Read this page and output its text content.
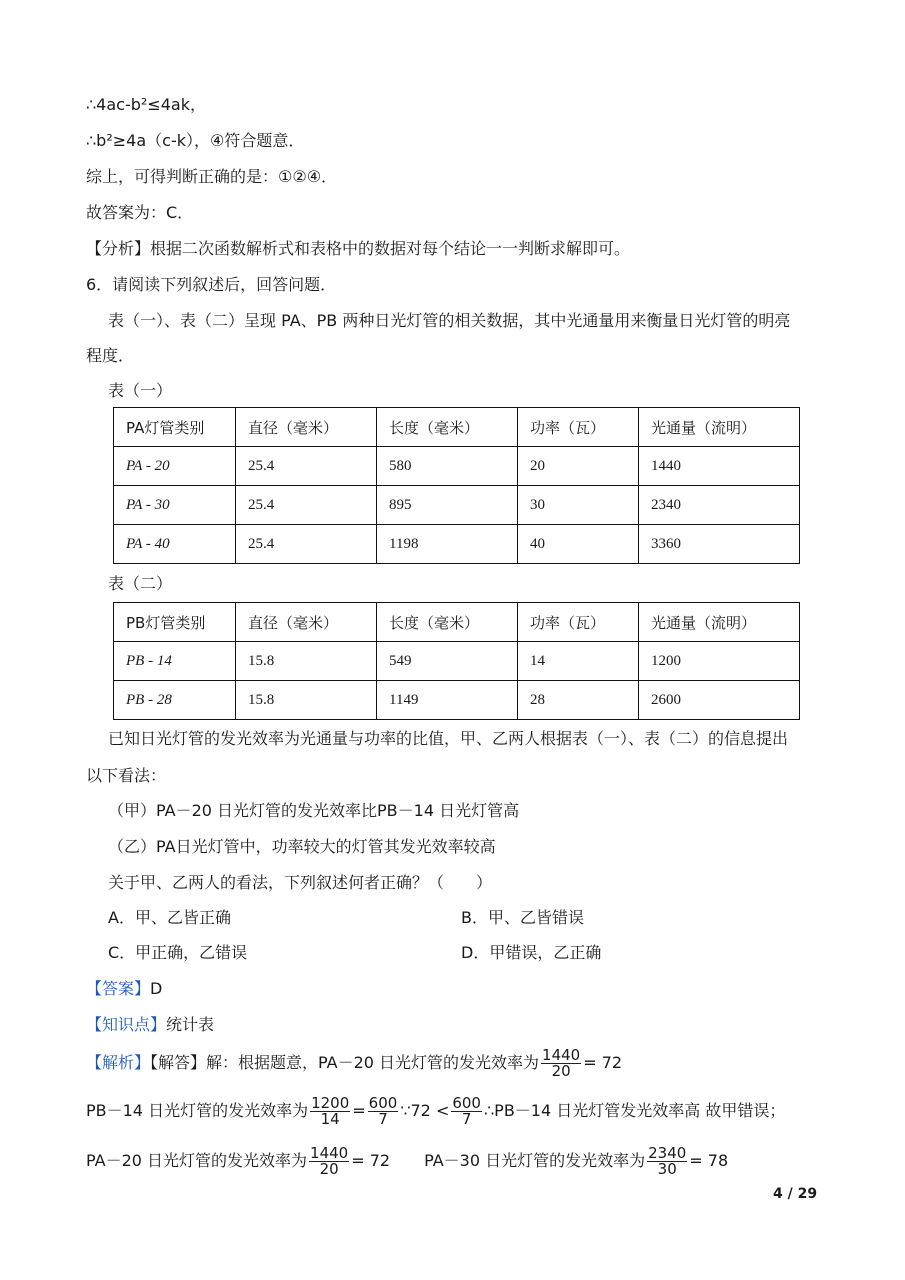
∴4ac-b²≤4ak，
∴b²≥4a（c-k），④符合题意．
综上，可得判断正确的是：①②④．
故答案为：C．
【分析】根据二次函数解析式和表格中的数据对每个结论一一判断求解即可。
6．请阅读下列叙述后，回答问题．
表（一）、表（二）呈现 PA、PB 两种日光灯管的相关数据，其中光通量用来衡量日光灯管的明亮
程度．
表（一）
PA灯管类别	直径（毫米）	长度（毫米）	功率（瓦）	光通量（流明）
PA - 20	25.4	580	20	1440
PA - 30	25.4	895	30	2340
PA - 40	25.4	1198	40	3360
表（二）
PB灯管类别	直径（毫米）	长度（毫米）	功率（瓦）	光通量（流明）
PB - 14	15.8	549	14	1200
PB - 28	15.8	1149	28	2600
已知日光灯管的发光效率为光通量与功率的比值，甲、乙两人根据表（一）、表（二）的信息提出
以下看法：
（甲）PA－20 日光灯管的发光效率比PB－14 日光灯管高
（乙）PA日光灯管中，功率较大的灯管其发光效率较高
关于甲、乙两人的看法，下列叙述何者正确？（　　）
A．甲、乙皆正确	B．甲、乙皆错误
C．甲正确，乙错误	D．甲错误，乙正确
【答案】D
【知识点】统计表
【解析】【解答】解：根据题意，PA－20 日光灯管的发光效率为 $\frac{1440}{20} = 72$
PB－14 日光灯管的发光效率为 $\frac{1200}{14} = \frac{600}{7}$ ∵72 < $\frac{600}{7}$ ∴PB－14 日光灯管发光效率高 故甲错误；
PA－20 日光灯管的发光效率为 $\frac{1440}{20} = 72$ PA－30 日光灯管的发光效率为 $\frac{2340}{30} = 78$
4 / 29
